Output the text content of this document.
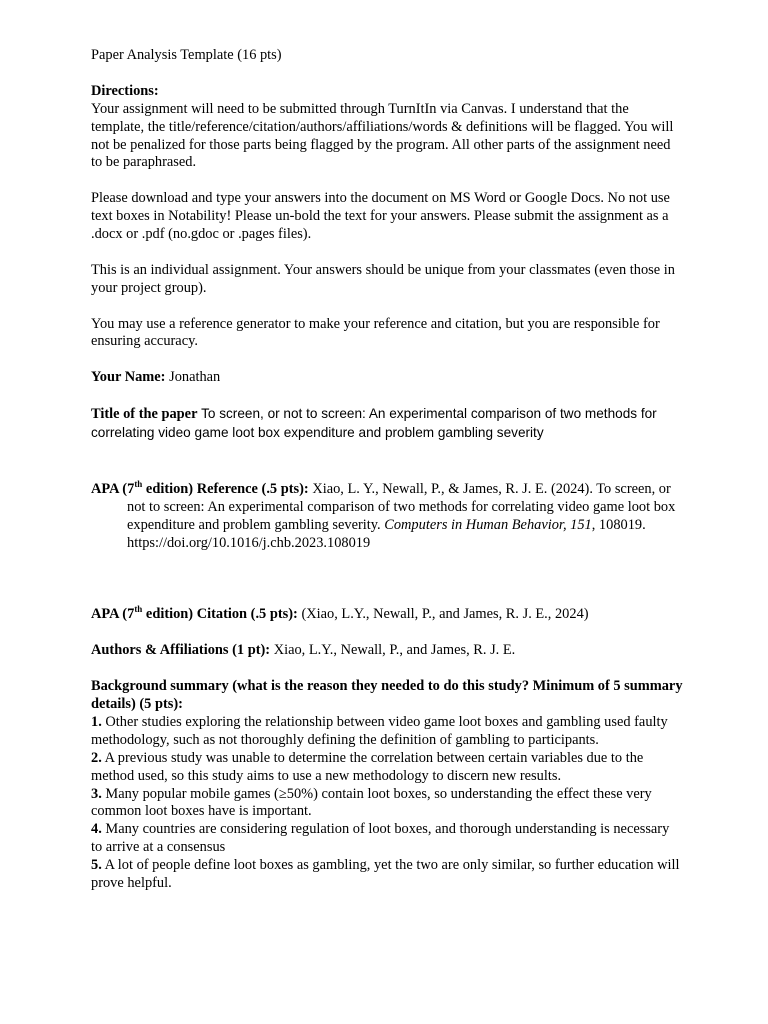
Paper Analysis Template (16 pts)

Directions:

Your assignment will need to be submitted through TurnItIn via Canvas. I understand that the template, the title/reference/citation/authors/affiliations/words & definitions will be flagged. You will not be penalized for those parts being flagged by the program. All other parts of the assignment need to be paraphrased.

Please download and type your answers into the document on MS Word or Google Docs. No not use text boxes in Notability! Please un-bold the text for your answers. Please submit the assignment as a .docx or .pdf (no.gdoc or .pages files).

This is an individual assignment. Your answers should be unique from your classmates (even those in your project group).

You may use a reference generator to make your reference and citation, but you are responsible for ensuring accuracy.

Your Name: Jonathan

Title of the paper To screen, or not to screen: An experimental comparison of two methods for correlating video game loot box expenditure and problem gambling severity

APA (7th edition) Reference (.5 pts): Xiao, L. Y., Newall, P., & James, R. J. E. (2024). To screen, or not to screen: An experimental comparison of two methods for correlating video game loot box expenditure and problem gambling severity. Computers in Human Behavior, 151, 108019. https://doi.org/10.1016/j.chb.2023.108019

APA (7th edition) Citation (.5 pts): (Xiao, L.Y., Newall, P., and James, R. J. E., 2024)

Authors & Affiliations (1 pt): Xiao, L.Y., Newall, P., and James, R. J. E.

Background summary (what is the reason they needed to do this study? Minimum of 5 summary details) (5 pts):

1. Other studies exploring the relationship between video game loot boxes and gambling used faulty methodology, such as not thoroughly defining the definition of gambling to participants.

2. A previous study was unable to determine the correlation between certain variables due to the method used, so this study aims to use a new methodology to discern new results.

3. Many popular mobile games (≥50%) contain loot boxes, so understanding the effect these very common loot boxes have is important.

4. Many countries are considering regulation of loot boxes, and thorough understanding is necessary to arrive at a consensus

5. A lot of people define loot boxes as gambling, yet the two are only similar, so further education will prove helpful.
